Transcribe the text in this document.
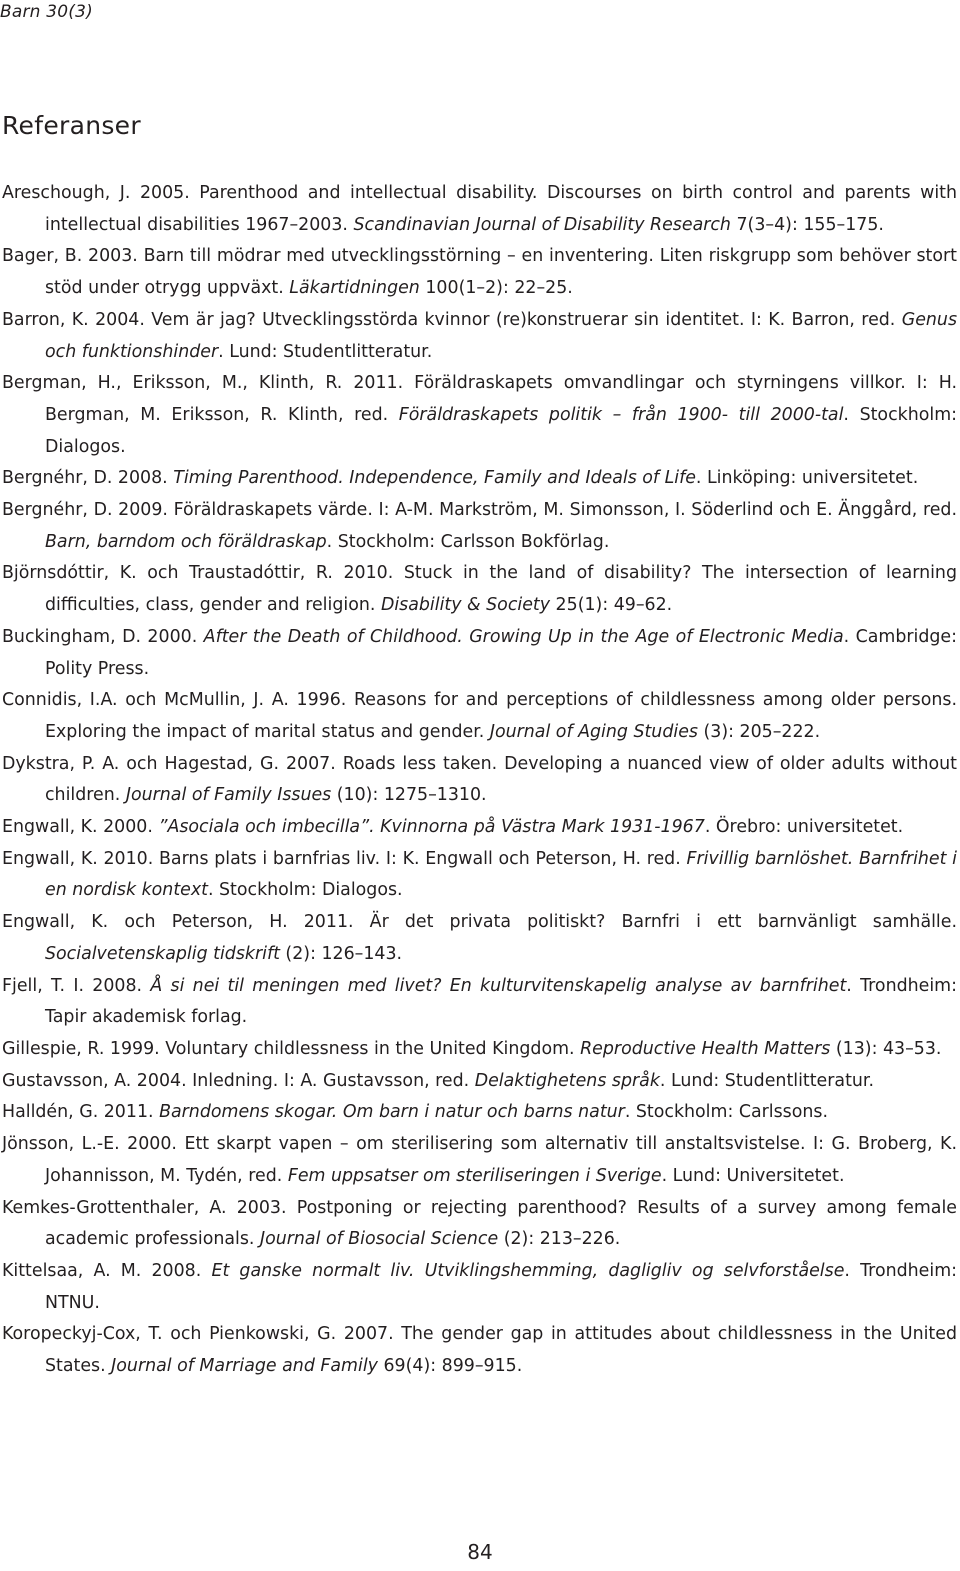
Barn 30(3)
Referanser
Areschough, J. 2005. Parenthood and intellectual disability. Discourses on birth control and parents with intellectual disabilities 1967–2003. Scandinavian Journal of Disability Research 7(3–4): 155–175.
Bager, B. 2003. Barn till mödrar med utvecklingsstörning – en inventering. Liten riskgrupp som behöver stort stöd under otrygg uppväxt. Läkartidningen 100(1–2): 22–25.
Barron, K. 2004. Vem är jag? Utvecklingsstörda kvinnor (re)konstruerar sin identitet. I: K. Barron, red. Genus och funktionshinder. Lund: Studentlitteratur.
Bergman, H., Eriksson, M., Klinth, R. 2011. Föräldraskapets omvandlingar och styrningens villkor. I: H. Bergman, M. Eriksson, R. Klinth, red. Föräldraskapets politik – från 1900- till 2000-tal. Stockholm: Dialogos.
Bergnéhr, D. 2008. Timing Parenthood. Independence, Family and Ideals of Life. Linköping: universitetet.
Bergnéhr, D. 2009. Föräldraskapets värde. I: A-M. Markström, M. Simonsson, I. Söderlind och E. Änggård, red. Barn, barndom och föräldraskap. Stockholm: Carlsson Bokförlag.
Björnsdóttir, K. och Traustadóttir, R. 2010. Stuck in the land of disability? The intersection of learning difficulties, class, gender and religion. Disability & Society 25(1): 49–62.
Buckingham, D. 2000. After the Death of Childhood. Growing Up in the Age of Electronic Media. Cambridge: Polity Press.
Connidis, I.A. och McMullin, J. A. 1996. Reasons for and perceptions of childlessness among older persons. Exploring the impact of marital status and gender. Journal of Aging Studies (3): 205–222.
Dykstra, P. A. och Hagestad, G. 2007. Roads less taken. Developing a nuanced view of older adults without children. Journal of Family Issues (10): 1275–1310.
Engwall, K. 2000. ”Asociala och imbecilla”. Kvinnorna på Västra Mark 1931-1967. Örebro: universitetet.
Engwall, K. 2010. Barns plats i barnfrias liv. I: K. Engwall och Peterson, H. red. Frivillig barnlöshet. Barnfrihet i en nordisk kontext. Stockholm: Dialogos.
Engwall, K. och Peterson, H. 2011. Är det privata politiskt? Barnfri i ett barnvänligt samhälle. Socialvetenskaplig tidskrift (2): 126–143.
Fjell, T. I. 2008. Å si nei til meningen med livet? En kulturvitenskapelig analyse av barnfrihet. Trondheim: Tapir akademisk forlag.
Gillespie, R. 1999. Voluntary childlessness in the United Kingdom. Reproductive Health Matters (13): 43–53.
Gustavsson, A. 2004. Inledning. I: A. Gustavsson, red. Delaktighetens språk. Lund: Studentlitteratur.
Halldén, G. 2011. Barndomens skogar. Om barn i natur och barns natur. Stockholm: Carlssons.
Jönsson, L.-E. 2000. Ett skarpt vapen – om sterilisering som alternativ till anstaltsvistelse. I: G. Broberg, K. Johannisson, M. Tydén, red. Fem uppsatser om steriliseringen i Sverige. Lund: Universitetet.
Kemkes-Grottenthaler, A. 2003. Postponing or rejecting parenthood? Results of a survey among female academic professionals. Journal of Biosocial Science (2): 213–226.
Kittelsaa, A. M. 2008. Et ganske normalt liv. Utviklingshemming, dagligliv og selvforståelse. Trondheim: NTNU.
Koropeckyj-Cox, T. och Pienkowski, G. 2007. The gender gap in attitudes about childlessness in the United States. Journal of Marriage and Family 69(4): 899–915.
84
